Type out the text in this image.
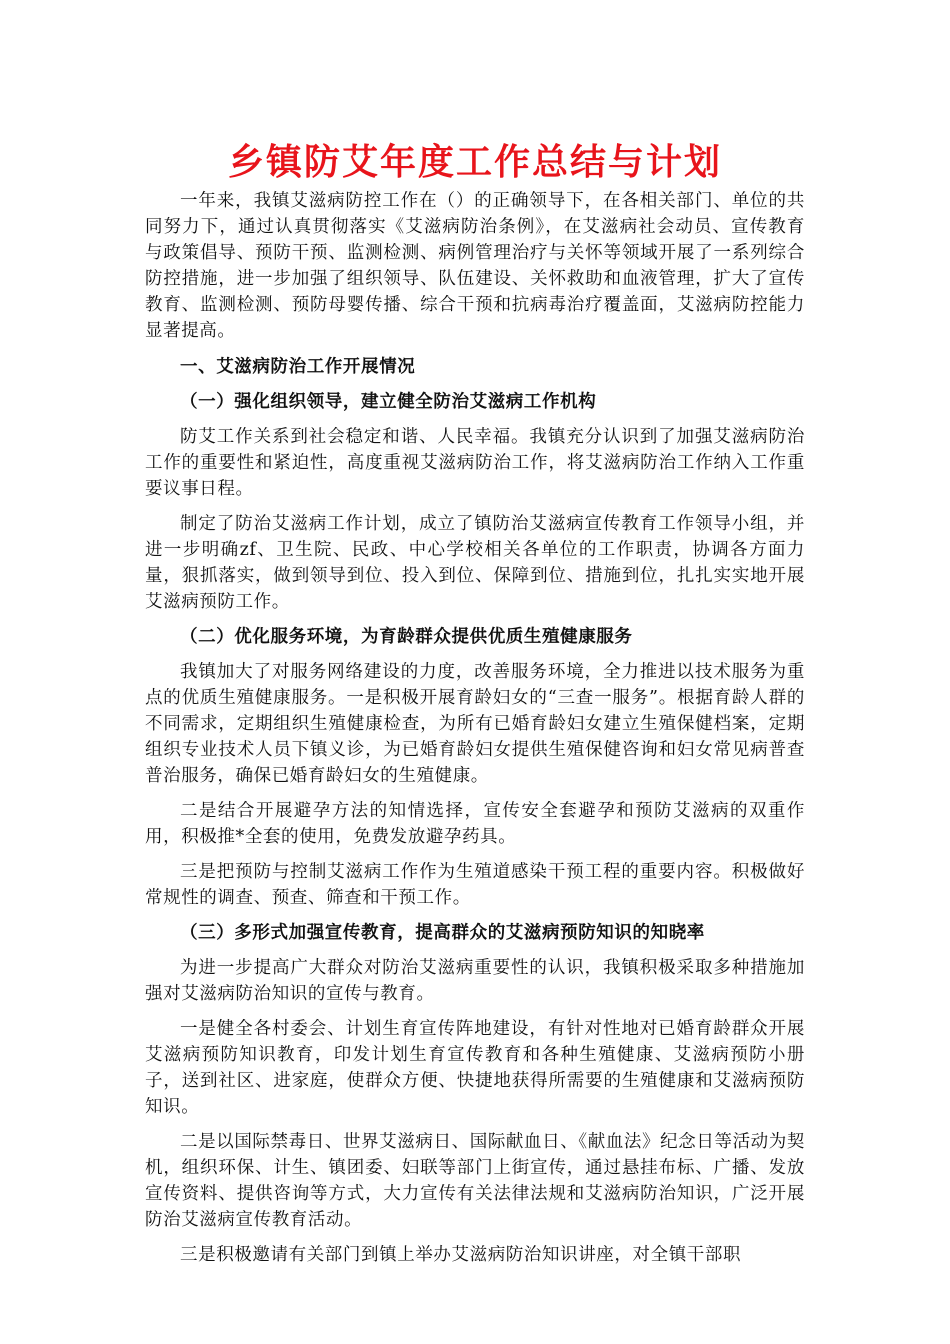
乡镇防艾年度工作总结与计划

一年来，我镇艾滋病防控工作在（）的正确领导下，在各相关部门、单位的共同努力下，通过认真贯彻落实《艾滋病防治条例》，在艾滋病社会动员、宣传教育与政策倡导、预防干预、监测检测、病例管理治疗与关怀等领域开展了一系列综合防控措施，进一步加强了组织领导、队伍建设、关怀救助和血液管理，扩大了宣传教育、监测检测、预防母婴传播、综合干预和抗病毒治疗覆盖面，艾滋病防控能力显著提高。

一、艾滋病防治工作开展情况

（一）强化组织领导，建立健全防治艾滋病工作机构

防艾工作关系到社会稳定和谐、人民幸福。我镇充分认识到了加强艾滋病防治工作的重要性和紧迫性，高度重视艾滋病防治工作，将艾滋病防治工作纳入工作重要议事日程。

制定了防治艾滋病工作计划，成立了镇防治艾滋病宣传教育工作领导小组，并进一步明确zf、卫生院、民政、中心学校相关各单位的工作职责，协调各方面力量，狠抓落实，做到领导到位、投入到位、保障到位、措施到位，扎扎实实地开展艾滋病预防工作。

（二）优化服务环境，为育龄群众提供优质生殖健康服务

我镇加大了对服务网络建设的力度，改善服务环境，全力推进以技术服务为重点的优质生殖健康服务。一是积极开展育龄妇女的“三查一服务”。根据育龄人群的不同需求，定期组织生殖健康检查，为所有已婚育龄妇女建立生殖保健档案，定期组织专业技术人员下镇义诊，为已婚育龄妇女提供生殖保健咨询和妇女常见病普查普治服务，确保已婚育龄妇女的生殖健康。

二是结合开展避孕方法的知情选择，宣传安全套避孕和预防艾滋病的双重作用，积极推*全套的使用，免费发放避孕药具。

三是把预防与控制艾滋病工作作为生殖道感染干预工程的重要内容。积极做好常规性的调查、预查、筛查和干预工作。

（三）多形式加强宣传教育，提高群众的艾滋病预防知识的知晓率

为进一步提高广大群众对防治艾滋病重要性的认识，我镇积极采取多种措施加强对艾滋病防治知识的宣传与教育。

一是健全各村委会、计划生育宣传阵地建设，有针对性地对已婚育龄群众开展艾滋病预防知识教育，印发计划生育宣传教育和各种生殖健康、艾滋病预防小册子，送到社区、进家庭，使群众方便、快捷地获得所需要的生殖健康和艾滋病预防知识。

二是以国际禁毒日、世界艾滋病日、国际献血日、《献血法》纪念日等活动为契机，组织环保、计生、镇团委、妇联等部门上街宣传，通过悬挂布标、广播、发放宣传资料、提供咨询等方式，大力宣传有关法律法规和艾滋病防治知识，广泛开展防治艾滋病宣传教育活动。

三是积极邀请有关部门到镇上举办艾滋病防治知识讲座，对全镇干部职
